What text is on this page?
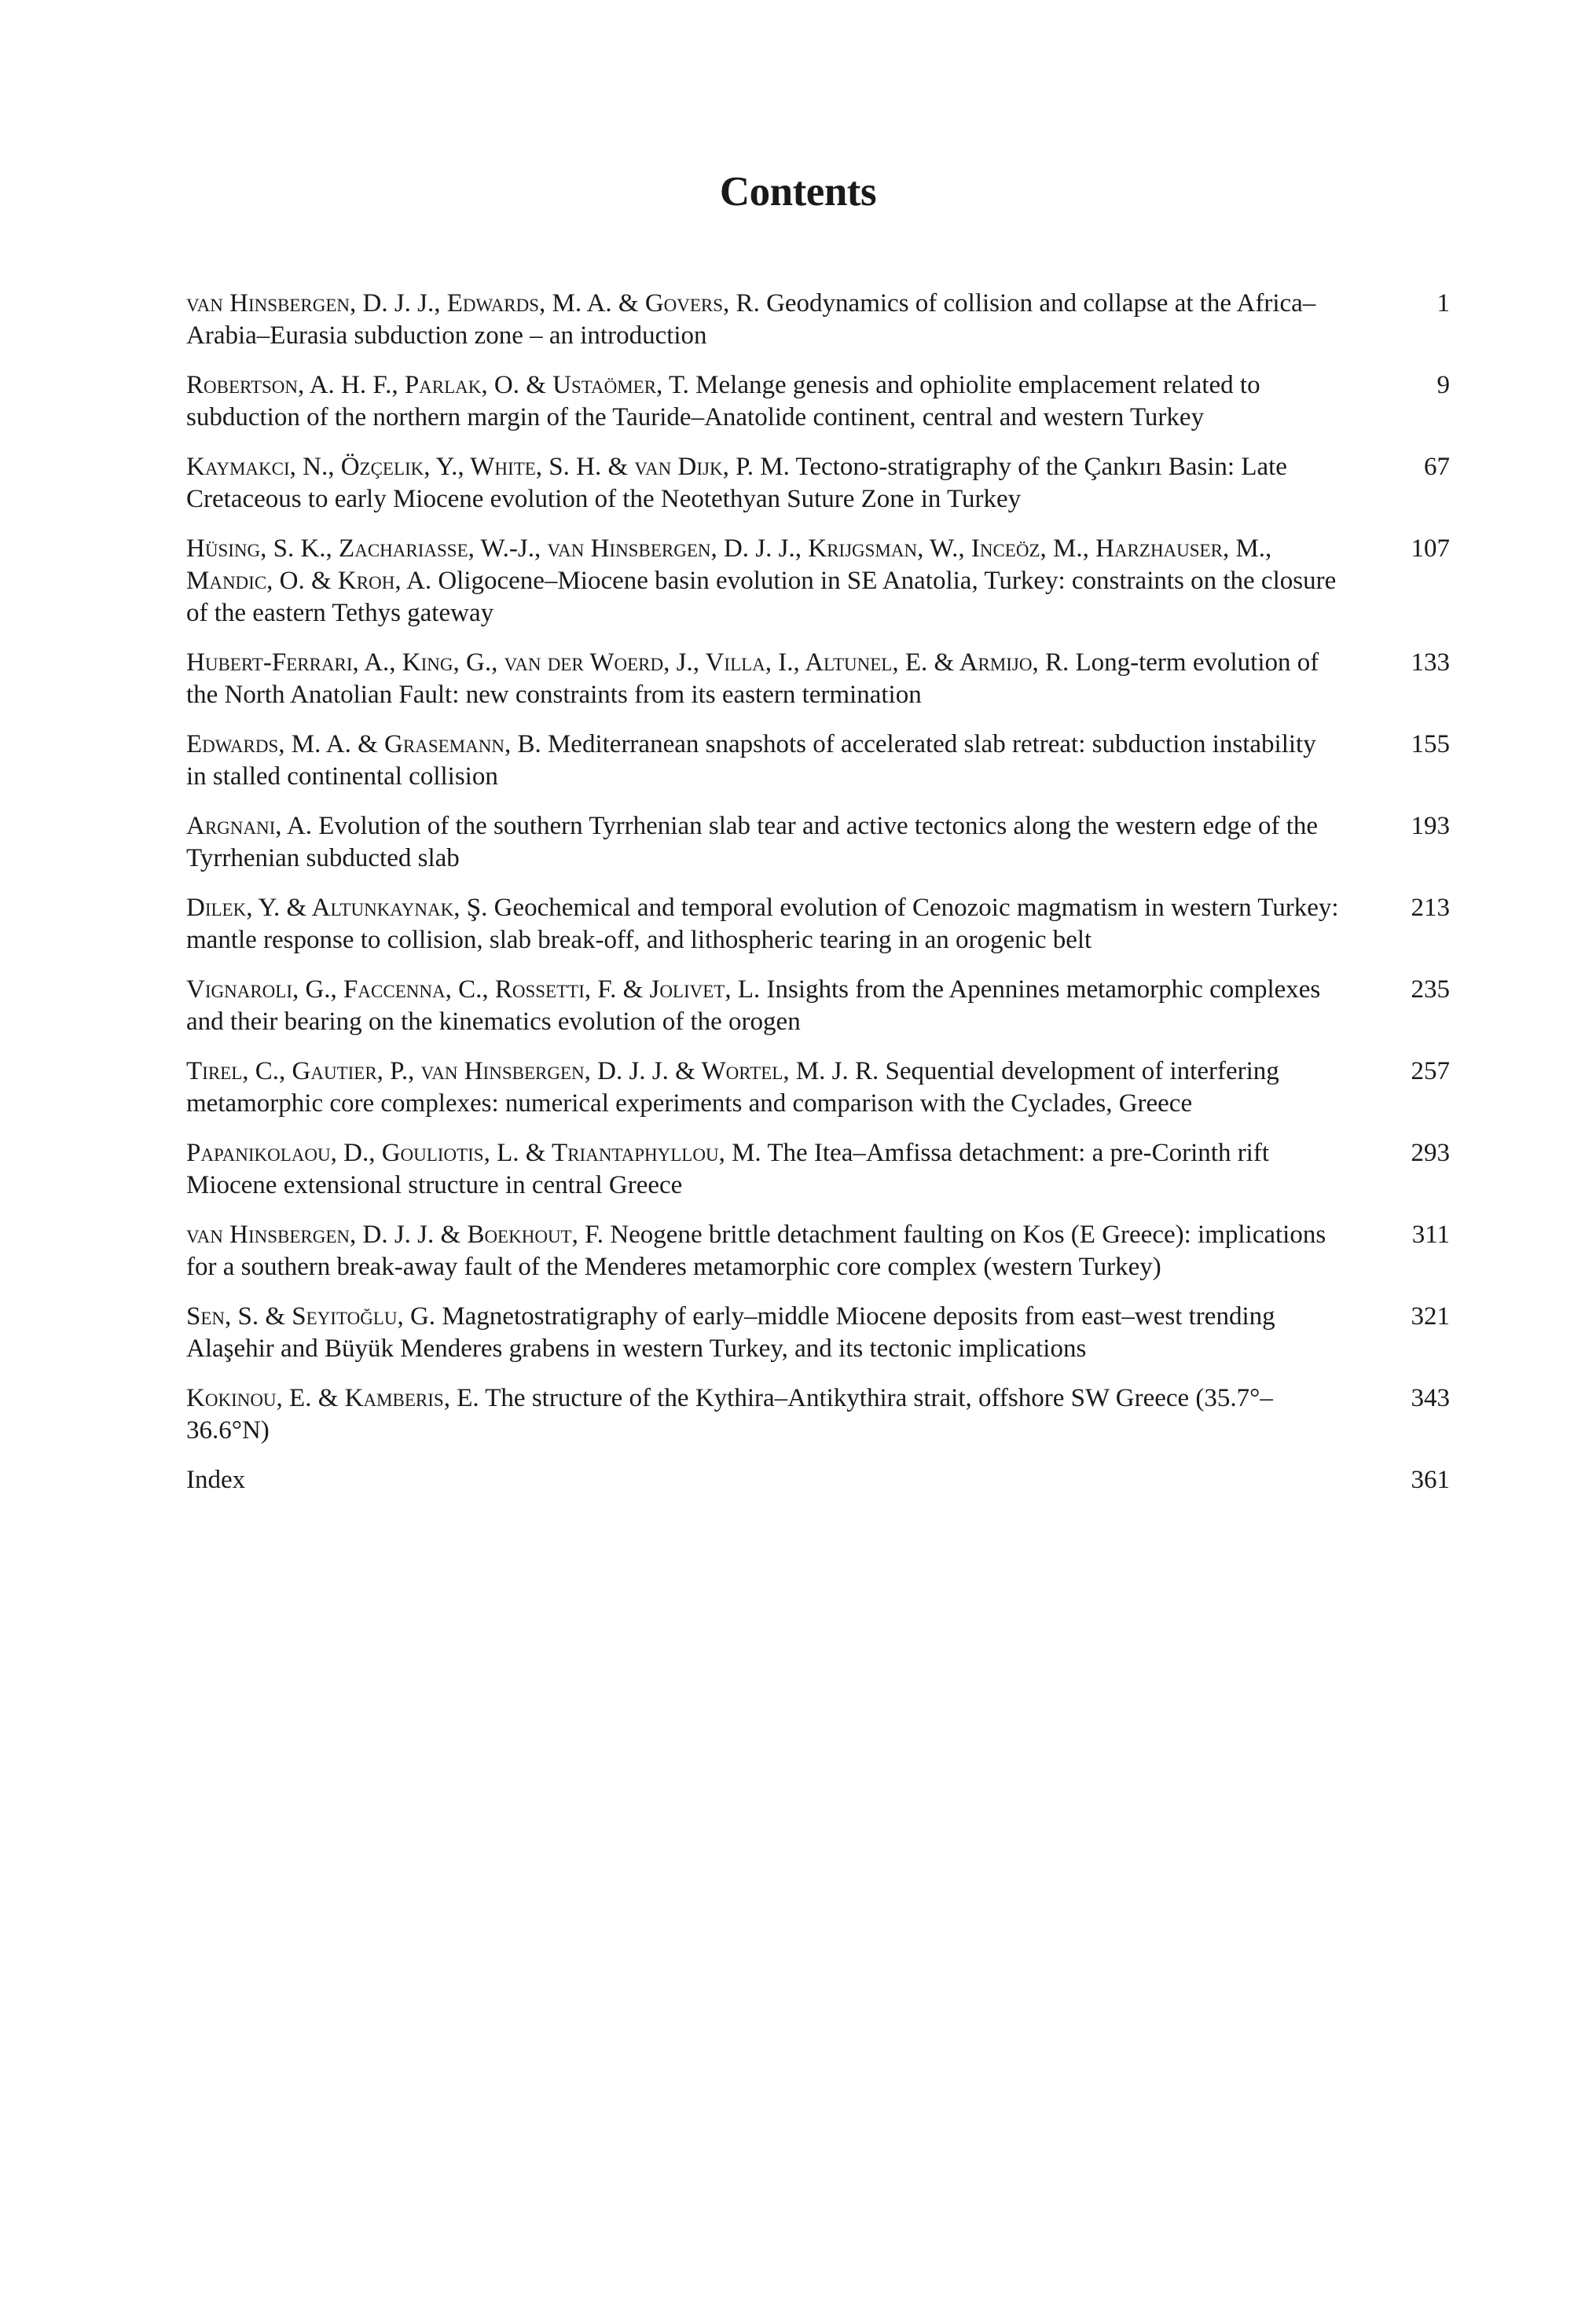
Contents
van Hinsbergen, D. J. J., Edwards, M. A. & Govers, R. Geodynamics of collision and collapse at the Africa–Arabia–Eurasia subduction zone – an introduction
1
Robertson, A. H. F., Parlak, O. & Ustaömer, T. Melange genesis and ophiolite emplacement related to subduction of the northern margin of the Tauride–Anatolide continent, central and western Turkey
9
Kaymakci, N., Özçelik, Y., White, S. H. & van Dijk, P. M. Tectono-stratigraphy of the Çankırı Basin: Late Cretaceous to early Miocene evolution of the Neotethyan Suture Zone in Turkey
67
Hüsing, S. K., Zachariasse, W.-J., van Hinsbergen, D. J. J., Krijgsman, W., Inceöz, M., Harzhauser, M., Mandic, O. & Kroh, A. Oligocene–Miocene basin evolution in SE Anatolia, Turkey: constraints on the closure of the eastern Tethys gateway
107
Hubert-Ferrari, A., King, G., van der Woerd, J., Villa, I., Altunel, E. & Armijo, R. Long-term evolution of the North Anatolian Fault: new constraints from its eastern termination
133
Edwards, M. A. & Grasemann, B. Mediterranean snapshots of accelerated slab retreat: subduction instability in stalled continental collision
155
Argnani, A. Evolution of the southern Tyrrhenian slab tear and active tectonics along the western edge of the Tyrrhenian subducted slab
193
Dilek, Y. & Altunkaynak, Ş. Geochemical and temporal evolution of Cenozoic magmatism in western Turkey: mantle response to collision, slab break-off, and lithospheric tearing in an orogenic belt
213
Vignaroli, G., Faccenna, C., Rossetti, F. & Jolivet, L. Insights from the Apennines metamorphic complexes and their bearing on the kinematics evolution of the orogen
235
Tirel, C., Gautier, P., van Hinsbergen, D. J. J. & Wortel, M. J. R. Sequential development of interfering metamorphic core complexes: numerical experiments and comparison with the Cyclades, Greece
257
Papanikolaou, D., Gouliotis, L. & Triantaphyllou, M. The Itea–Amfissa detachment: a pre-Corinth rift Miocene extensional structure in central Greece
293
van Hinsbergen, D. J. J. & Boekhout, F. Neogene brittle detachment faulting on Kos (E Greece): implications for a southern break-away fault of the Menderes metamorphic core complex (western Turkey)
311
Sen, S. & Seyitoğlu, G. Magnetostratigraphy of early–middle Miocene deposits from east–west trending Alaşehir and Büyük Menderes grabens in western Turkey, and its tectonic implications
321
Kokinou, E. & Kamberis, E. The structure of the Kythira–Antikythira strait, offshore SW Greece (35.7°–36.6°N)
343
Index	361
